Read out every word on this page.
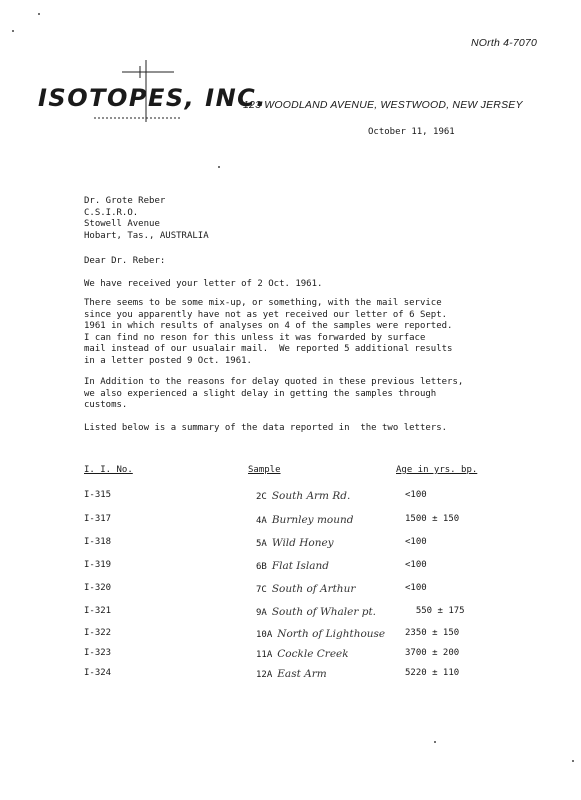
NOrth 4-7070
ISOTOPES, INC.
123 WOODLAND AVENUE, WESTWOOD, NEW JERSEY
October 11, 1961
Dr. Grote Reber
C.S.I.R.O.
Stowell Avenue
Hobart, Tas., AUSTRALIA
Dear Dr. Reber:
We have received your letter of 2 Oct. 1961.
There seems to be some mix-up, or something, with the mail service
since you apparently have not as yet received our letter of 6 Sept.
1961 in which results of analyses on 4 of the samples were reported.
I can find no reson for this unless it was forwarded by surface
mail instead of our usualair mail.  We reported 5 additional results
in a letter posted 9 Oct. 1961.
In Addition to the reasons for delay quoted in these previous letters,
we also experienced a slight delay in getting the samples through
customs.
Listed below is a summary of the data reported in  the two letters.
I. I. No.	Sample	Age in yrs. bp.
I-315	2C South Arm Rd.	<100
I-317	4A Burnley mound	1500 ± 150
I-318	5A Wild Honey	<100
I-319	6B Flat Island	<100
I-320	7C South of Arthur	<100
I-321	9A South of Whaler pt.	550 ± 175
I-322	10A North of Lighthouse 2350 ± 150
I-323	11A Cockle Creek	3700 ± 200
I-324	12A East Arm	5220 ± 110
